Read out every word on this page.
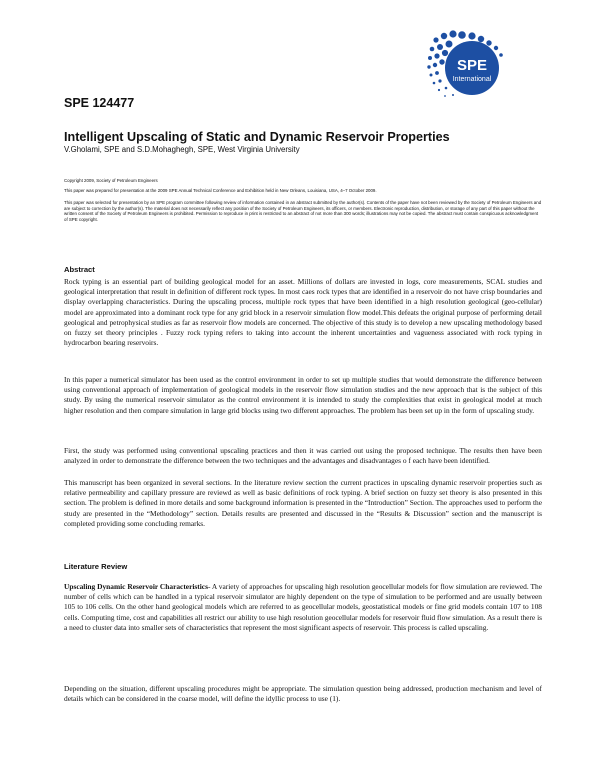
SPE
International
SPE 124477
Intelligent Upscaling of Static and Dynamic Reservoir Properties

V.Gholami, SPE and S.D.Mohaghegh, SPE, West Virginia University

Copyright 2009, Society of Petroleum Engineers

This paper was prepared for presentation at the 2009 SPE Annual Technical Conference and Exhibition held in New Orleans, Louisiana, USA, 4–7 October 2009.

This paper was selected for presentation by an SPE program committee following review of information contained in an abstract submitted by the author(s). Contents of the paper have not been reviewed by the Society of Petroleum Engineers and are subject to correction by the author(s). The material does not necessarily reflect any position of the Society of Petroleum Engineers, its officers, or members. Electronic reproduction, distribution, or storage of any part of this paper without the written consent of the Society of Petroleum Engineers is prohibited. Permission to reproduce in print is restricted to an abstract of not more than 300 words; illustrations may not be copied. The abstract must contain conspicuous acknowledgment of SPE copyright.

Abstract

Rock typing is an essential part of building geological model for an asset. Millions of dollars are invested in logs, core measurements, SCAL studies and geological interpretation that result in definition of different rock types. In most caes rock types that are identified in a reservoir do not have crisp boundaries and display overlapping characteristics. During the upscaling process, multiple rock types that have been identified in a high resolution geological (geo-cellular) model are approximated into a dominant rock type for any grid block in a reservoir simulation flow model.This defeats the original purpose of performing detail geological and petrophysical studies as far as reservoir flow models are concerned. The objective of this study is to develop a new upscaling methodology based on fuzzy set theory principles . Fuzzy rock typing refers to taking into account the inherent uncertainties and vagueness associated with rock typing in hydrocarbon bearing reservoirs.

In this paper a numerical simulator has been used as the control environment in order to set up multiple studies that would demonstrate the difference between using conventional approach of implementation of geological models in the reservoir flow simulation studies and the new approach that is the subject of this study. By using the numerical reservoir simulator as the control environment it is intended to study the complexities that exist in geological model at much higher resolution and then compare simulation in large grid blocks using two different approaches. The problem has been set up in the form of upscaling study.

First, the study was performed using conventional upscaling practices and then it was carried out using the proposed technique. The results then have been analyzed in order to demonstrate the difference between the two techniques and the advantages and disadvantages o f each have been identified.

This manuscript has been organized in several sections. In the literature review section the current practices in upscaling dynamic reservoir properties such as relative permeability and capillary pressure are reviewd as well as basic definitions of rock typing. A brief section on fuzzy set theory is also presented in this section. The problem is defined in more details and some background information is presented in the “Introduction” Section. The approaches used to perform the study are presented in the “Methodology” section. Details results are presented and discussed in the “Results & Discussion” section and the manuscript is completed providing some concluding remarks.

Literature Review

Upscaling Dynamic Reservoir Characteristics- A variety of approaches for upscaling high resolution geocellular models for flow simulation are reviewed. The number of cells which can be handled in a typical reservoir simulator are highly dependent on the type of simulation to be performed and are usually between 105 to 106 cells. On the other hand geological models which are referred to as geocellular models, geostatistical models or fine grid models contain 107 to 108 cells. Computing time, cost and capabilities all restrict our ability to use high resolution geocellular models for reservoir fluid flow simulation. As a result there is a need to cluster data into smaller sets of characteristics that represent the most significant aspects of reservoir. This process is called upscaling.

Depending on the situation, different upscaling procedures might be appropriate. The simulation question being addressed, production mechanism and level of details which can be considered in the coarse model, will define the idyllic process to use (1).
